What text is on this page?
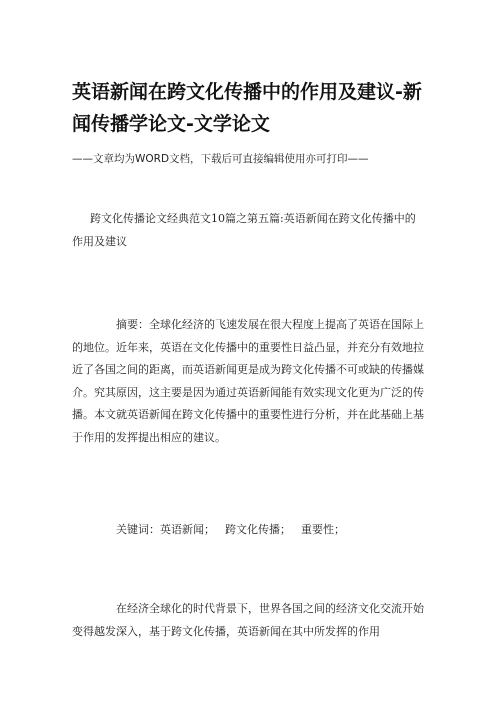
英语新闻在跨文化传播中的作用及建议-新闻传播学论文-文学论文
——文章均为WORD文档，下载后可直接编辑使用亦可打印——

跨文化传播论文经典范文10篇之第五篇:英语新闻在跨文化传播中的作用及建议

摘要：全球化经济的飞速发展在很大程度上提高了英语在国际上的地位。近年来，英语在文化传播中的重要性日益凸显，并充分有效地拉近了各国之间的距离，而英语新闻更是成为跨文化传播不可或缺的传播媒介。究其原因，这主要是因为通过英语新闻能有效实现文化更为广泛的传播。本文就英语新闻在跨文化传播中的重要性进行分析，并在此基础上基于作用的发挥提出相应的建议。

关键词：英语新闻； 跨文化传播； 重要性；

在经济全球化的时代背景下，世界各国之间的经济文化交流开始变得越发深入，基于跨文化传播，英语新闻在其中所发挥的作用
